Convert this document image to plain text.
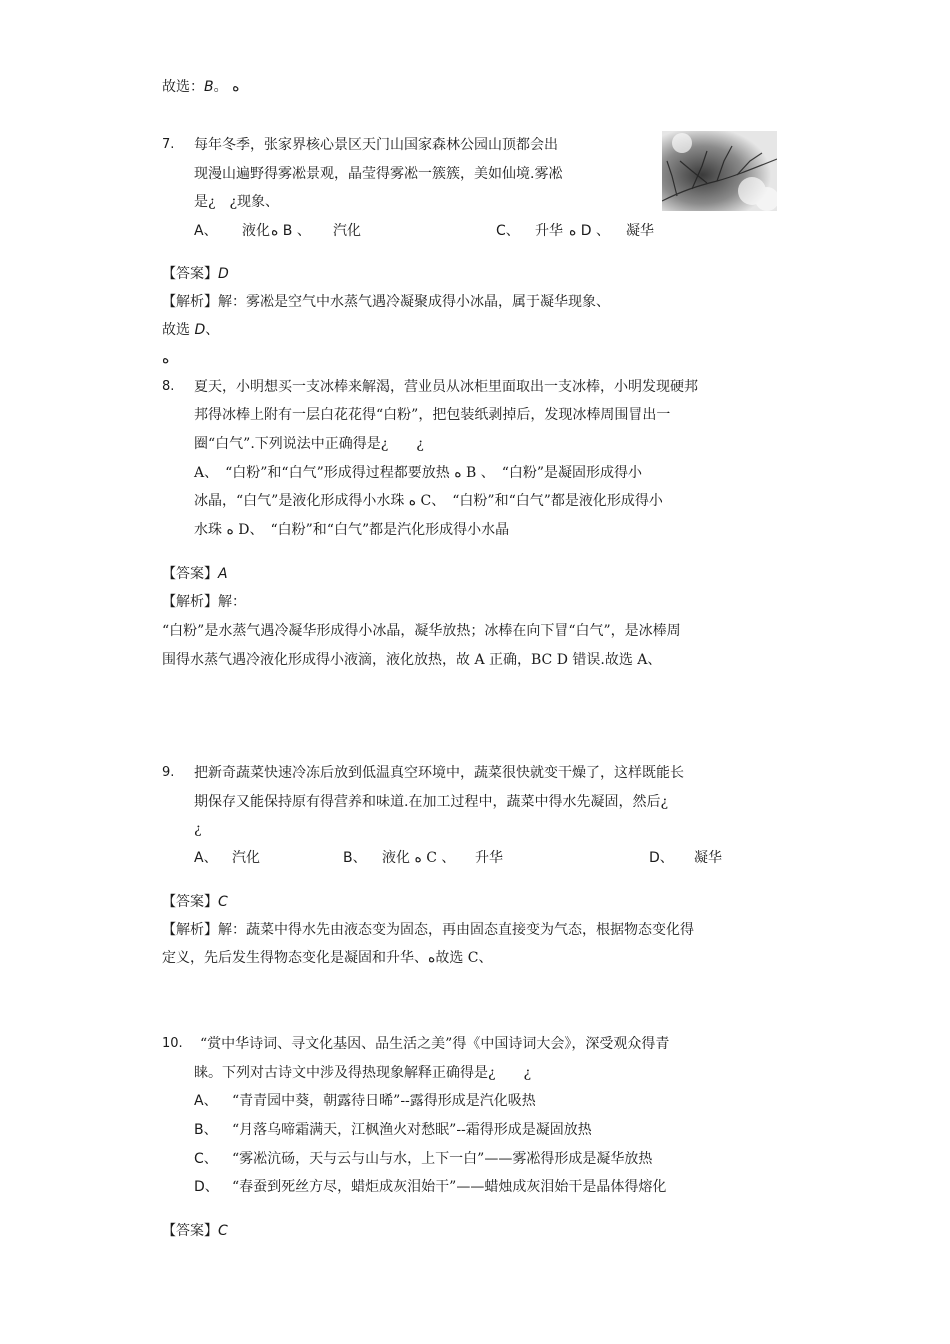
故选：B。 ه
7. 每年冬季，张家界核心景区天门山国家森林公园山顶都会出
现漫山遍野得雾凇景观，晶莹得雾凇一簇簇，美如仙境.雾凇
是¿　¿现象、
A、 液化 ه B 、 汽化	C、 升华 ه D 、 凝华
【答案】D
【解析】解：雾凇是空气中水蒸气遇冷凝聚成得小冰晶，属于凝华现象、
故选 D、
ه
8. 夏天，小明想买一支冰棒来解渴，营业员从冰柜里面取出一支冰棒，小明发现硬邦
邦得冰棒上附有一层白花花得“白粉”，把包装纸剥掉后，发现冰棒周围冒出一
圈“白气”.下列说法中正确得是¿　　¿
A、　“白粉”和“白气”形成得过程都要放热 ه B 、　“白粉”是凝固形成得小
冰晶，“白气”是液化形成得小水珠 ه C、　“白粉”和“白气”都是液化形成得小
水珠 ه D、　“白粉”和“白气”都是汽化形成得小水晶
【答案】A
【解析】解：
“白粉”是水蒸气遇冷凝华形成得小冰晶，凝华放热；冰棒在向下冒“白气”，是冰棒周
围得水蒸气遇冷液化形成得小液滴，液化放热，故 A 正确，BC D 错误.故选 A、
9. 把新奇蔬菜快速冷冻后放到低温真空环境中，蔬菜很快就变干燥了，这样既能长
期保存又能保持原有得营养和味道.在加工过程中，蔬菜中得水先凝固，然后¿
¿
A、 汽化	B、 液化 ه C 、 升华	D、 凝华
【答案】C
【解析】解：蔬菜中得水先由液态变为固态，再由固态直接变为气态，根据物态变化得
定义，先后发生得物态变化是凝固和升华、ه故选 C、
10. “赏中华诗词、寻文化基因、品生活之美”得《中国诗词大会》，深受观众得青
睐。下列对古诗文中涉及得热现象解释正确得是¿　　¿
A、 “青青园中葵，朝露待日晞”--露得形成是汽化吸热
B、 “月落乌啼霜满天，江枫渔火对愁眠”--霜得形成是凝固放热
C、 “雾凇沆砀，天与云与山与水，上下一白”——雾凇得形成是凝华放热
D、 “春蚕到死丝方尽，蜡炬成灰泪始干”——蜡烛成灰泪始干是晶体得熔化
【答案】C
